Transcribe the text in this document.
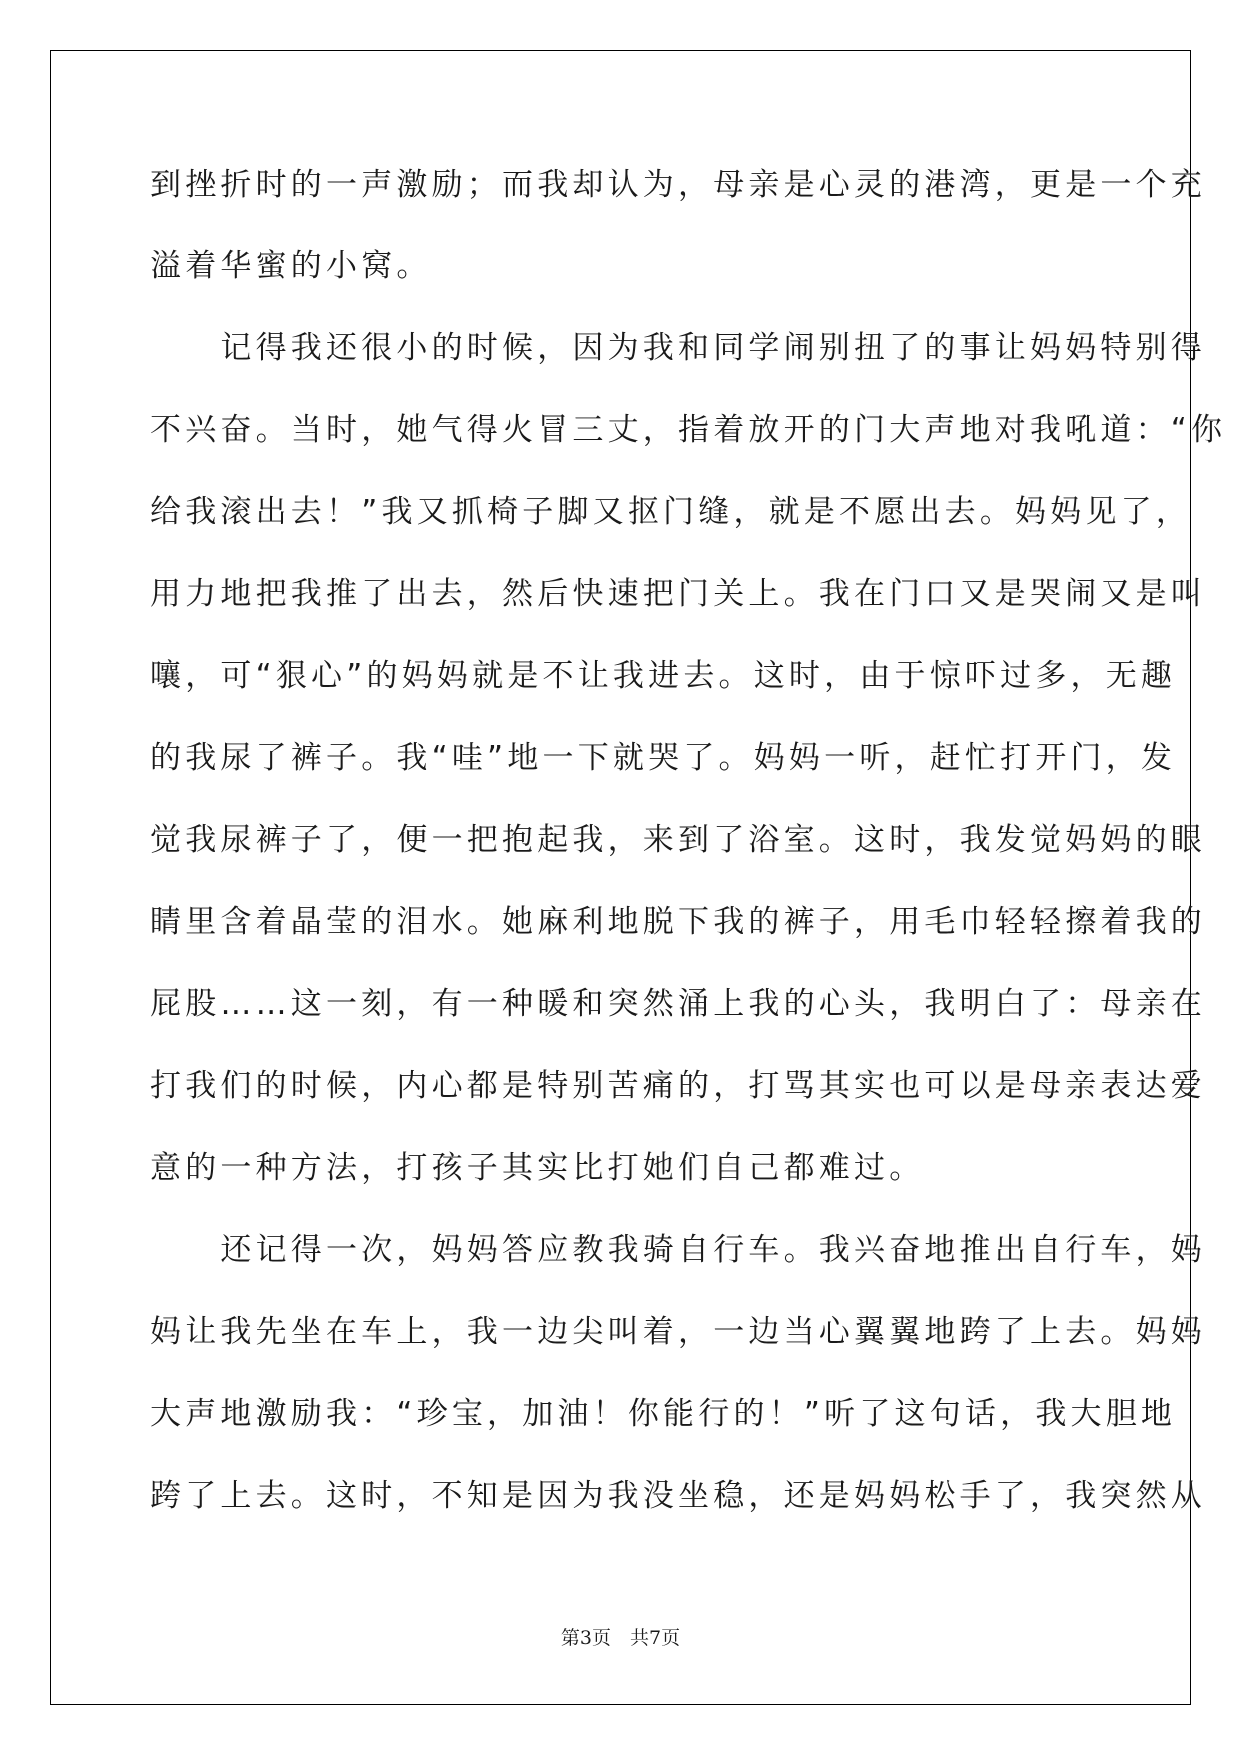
到挫折时的一声激励；而我却认为，母亲是心灵的港湾，更是一个充
溢着华蜜的小窝。
　　记得我还很小的时候，因为我和同学闹别扭了的事让妈妈特别得
不兴奋。当时，她气得火冒三丈，指着放开的门大声地对我吼道：“你
给我滚出去！”我又抓椅子脚又抠门缝，就是不愿出去。妈妈见了，
用力地把我推了出去，然后快速把门关上。我在门口又是哭闹又是叫
嚷，可“狠心”的妈妈就是不让我进去。这时，由于惊吓过多，无趣
的我尿了裤子。我“哇”地一下就哭了。妈妈一听，赶忙打开门，发
觉我尿裤子了，便一把抱起我，来到了浴室。这时，我发觉妈妈的眼
睛里含着晶莹的泪水。她麻利地脱下我的裤子，用毛巾轻轻擦着我的
屁股……这一刻，有一种暖和突然涌上我的心头，我明白了：母亲在
打我们的时候，内心都是特别苦痛的，打骂其实也可以是母亲表达爱
意的一种方法，打孩子其实比打她们自己都难过。
　　还记得一次，妈妈答应教我骑自行车。我兴奋地推出自行车，妈
妈让我先坐在车上，我一边尖叫着，一边当心翼翼地跨了上去。妈妈
大声地激励我：“珍宝，加油！你能行的！”听了这句话，我大胆地
跨了上去。这时，不知是因为我没坐稳，还是妈妈松手了，我突然从
第3页　共7页
